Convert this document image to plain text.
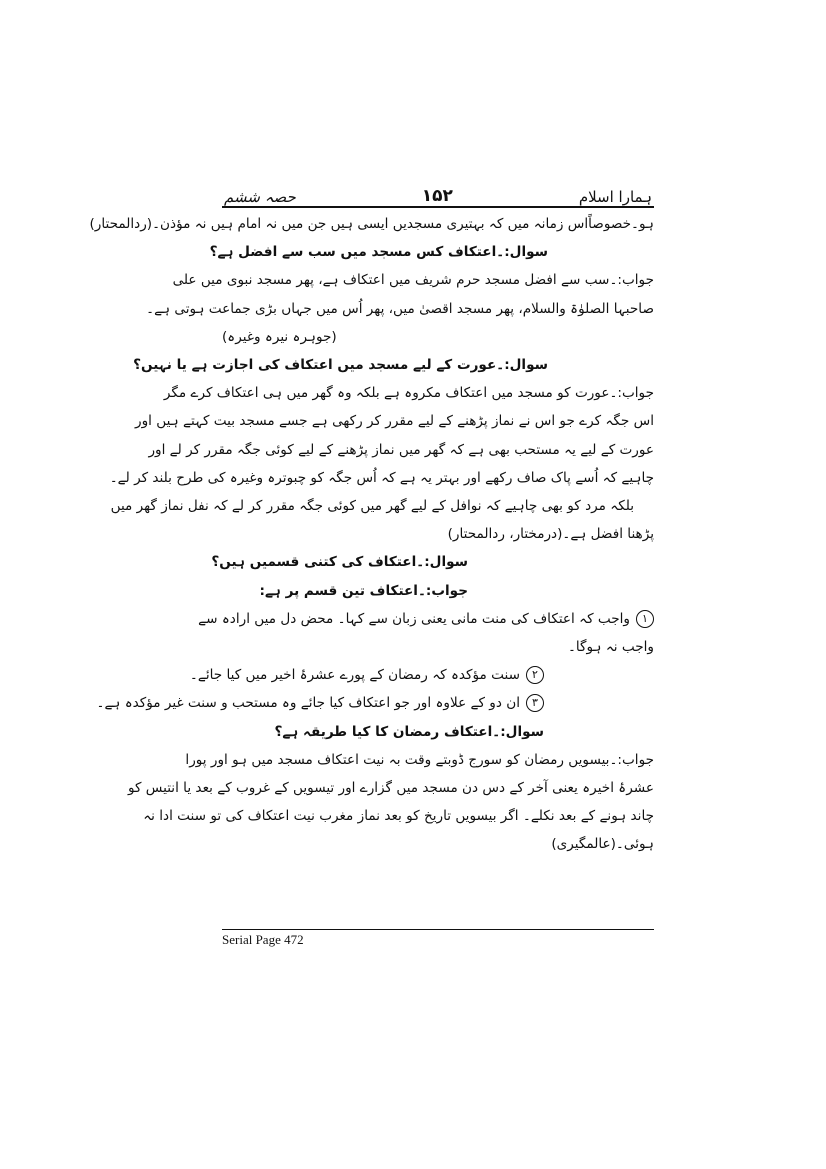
ہمارا اسلام
۱۵۲
حصہ ششم
ہو۔خصوصاًاس زمانہ میں کہ بہتیری مسجدیں ایسی ہیں جن میں نہ امام ہیں نہ مؤذن۔(ردالمحتار)
سوال:۔اعتکاف کس مسجد میں سب سے افضل ہے؟
جواب:۔سب سے افضل مسجد حرم شریف میں اعتکاف ہے، پھر مسجد نبوی میں علی
صاحبہا الصلوٰۃ والسلام، پھر مسجد اقصیٰ میں، پھر اُس میں جہاں بڑی جماعت ہوتی ہے۔
(جوہرہ نیرہ وغیرہ)
سوال:۔عورت کے لیے مسجد میں اعتکاف کی اجازت ہے یا نہیں؟
جواب:۔عورت کو مسجد میں اعتکاف مکروہ ہے بلکہ وہ گھر میں ہی اعتکاف کرے مگر
اس جگہ کرے جو اس نے نماز پڑھنے کے لیے مقرر کر رکھی ہے جسے مسجد بیت کہتے ہیں اور
عورت کے لیے یہ مستحب بھی ہے کہ گھر میں نماز پڑھنے کے لیے کوئی جگہ مقرر کر لے اور
چاہیے کہ اُسے پاک صاف رکھے اور بہتر یہ ہے کہ اُس جگہ کو چبوترہ وغیرہ کی طرح بلند کر لے۔
بلکہ مرد کو بھی چاہیے کہ نوافل کے لیے گھر میں کوئی جگہ مقرر کر لے کہ نفل نماز گھر میں
پڑھنا افضل ہے۔(درمختار، ردالمحتار)
سوال:۔اعتکاف کی کتنی قسمیں ہیں؟
جواب:۔اعتکاف تین قسم پر ہے:
۱واجب کہ اعتکاف کی منت مانی یعنی زبان سے کہا۔ محض دل میں ارادہ سے
واجب نہ ہوگا۔
۲سنت مؤکدہ کہ رمضان کے پورے عشرۂ اخیر میں کیا جائے۔
۳ان دو کے علاوہ اور جو اعتکاف کیا جائے وہ مستحب و سنت غیر مؤکدہ ہے۔
سوال:۔اعتکاف رمضان کا کیا طریقہ ہے؟
جواب:۔بیسویں رمضان کو سورج ڈوبتے وقت بہ نیت اعتکاف مسجد میں ہو اور پورا
عشرۂ اخیرہ یعنی آخر کے دس دن مسجد میں گزارے اور تیسویں کے غروب کے بعد یا انتیس کو
چاند ہونے کے بعد نکلے۔ اگر بیسویں تاریخ کو بعد نماز مغرب نیت اعتکاف کی تو سنت ادا نہ
ہوئی۔(عالمگیری)
Serial Page 472
